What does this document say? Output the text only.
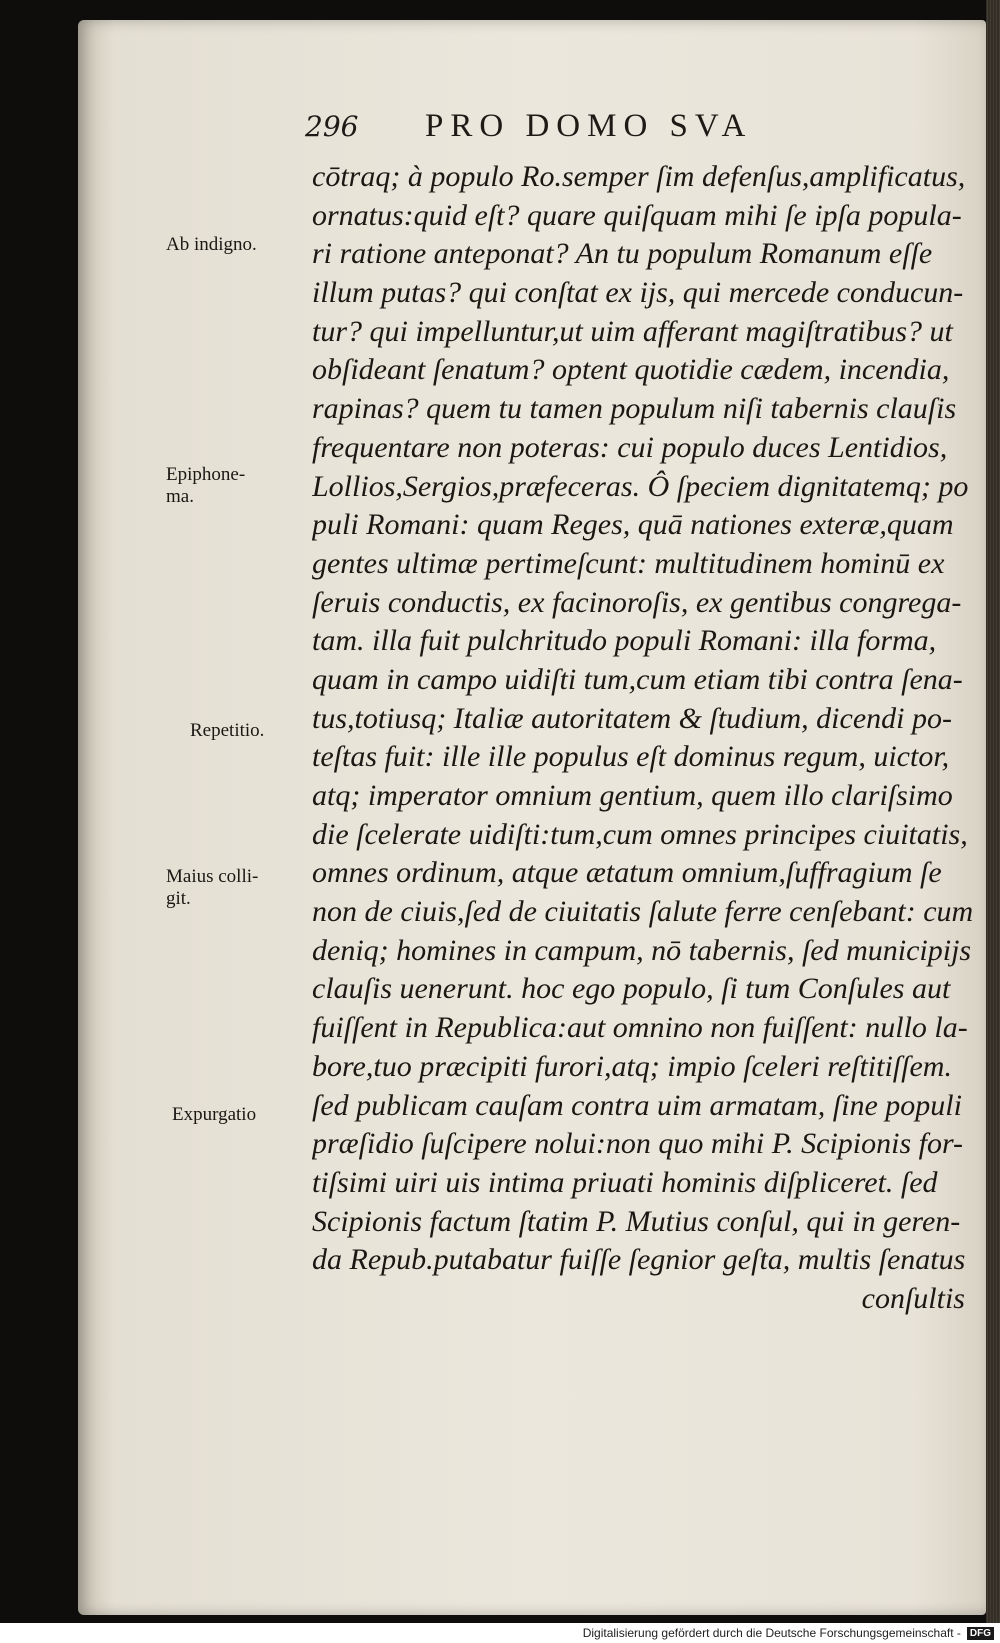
296	PRO DOMO SVA
Ab indigno.
Epiphone-
ma.
Repetitio.
Maius colli-
git.
Expurgatio
cōtraq; à populo Ro.semper ſim defenſus,amplificatus,
ornatus:quid eſt? quare quiſquam mihi ſe ipſa popula-
ri ratione anteponat? An tu populum Romanum eſſe
illum putas? qui conſtat ex ijs, qui mercede conducun-
tur? qui impelluntur,ut uim afferant magiſtratibus? ut
obſideant ſenatum? optent quotidie cædem, incendia,
rapinas? quem tu tamen populum niſi tabernis clauſis
frequentare non poteras: cui populo duces Lentidios,
Lollios,Sergios,præfeceras. Ô ſpeciem dignitatemq; po
puli Romani: quam Reges, quā nationes exteræ,quam
gentes ultimæ pertimeſcunt: multitudinem hominū ex
ſeruis conductis, ex facinoroſis, ex gentibus congrega-
tam. illa fuit pulchritudo populi Romani: illa forma,
quam in campo uidiſti tum,cum etiam tibi contra ſena-
tus,totiusq; Italiæ autoritatem & ſtudium, dicendi po-
teſtas fuit: ille ille populus eſt dominus regum, uictor,
atq; imperator omnium gentium, quem illo clariſsimo
die ſcelerate uidiſti:tum,cum omnes principes ciuitatis,
omnes ordinum, atque ætatum omnium,ſuffragium ſe
non de ciuis,ſed de ciuitatis ſalute ferre cenſebant: cum
deniq; homines in campum, nō tabernis, ſed municipijs
clauſis uenerunt. hoc ego populo, ſi tum Conſules aut
fuiſſent in Republica:aut omnino non fuiſſent: nullo la-
bore,tuo præcipiti furori,atq; impio ſceleri reſtitiſſem.
ſed publicam cauſam contra uim armatam, ſine populi
præſidio ſuſcipere nolui:non quo mihi P. Scipionis for-
tiſsimi uiri uis intima priuati hominis diſpliceret. ſed
Scipionis factum ſtatim P. Mutius conſul, qui in geren-
da Repub.putabatur fuiſſe ſegnior geſta, multis ſenatus
conſultis
Digitalisierung gefördert durch die Deutsche Forschungsgemeinschaft - DFG
